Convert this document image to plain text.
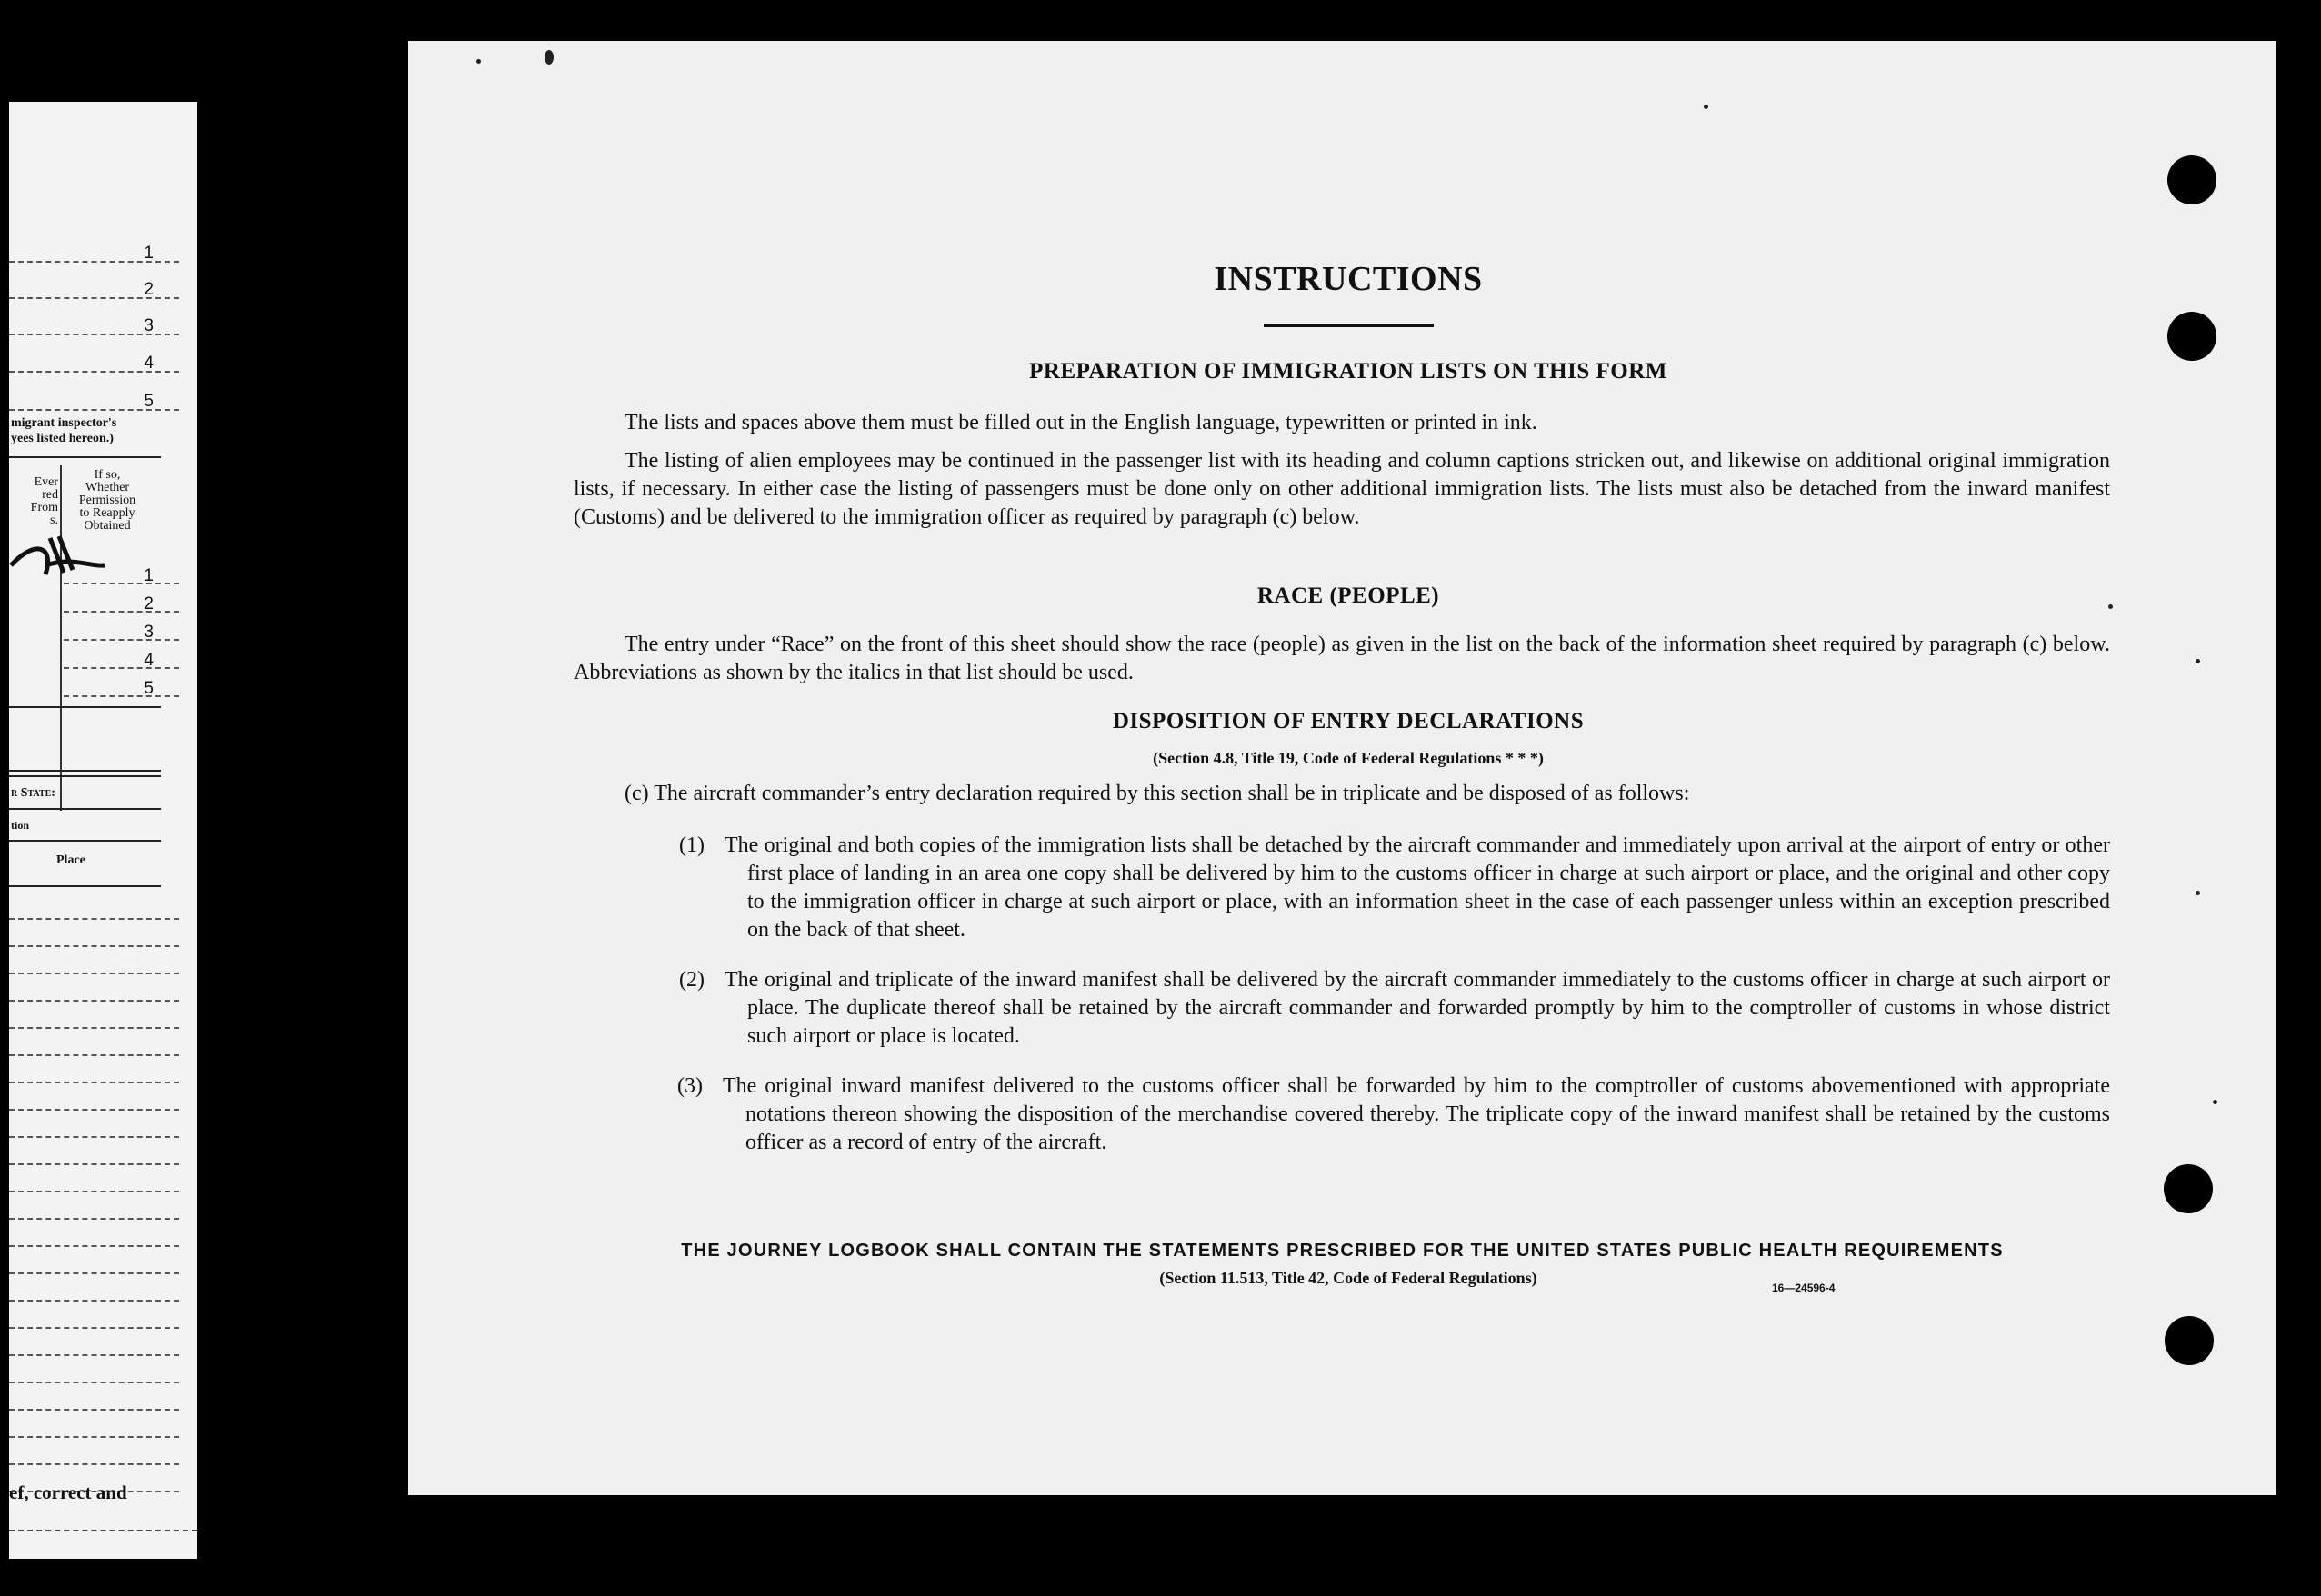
1
2
3
4
5
migrant inspector's
yees listed hereon.)
Ever
red
From
s.
If so,
Whether
Permission
to Reapply
Obtained
1
2
3
4
5
r State:
tion
Place
ef, correct and
INSTRUCTIONS
PREPARATION OF IMMIGRATION LISTS ON THIS FORM
The lists and spaces above them must be filled out in the English language, typewritten or printed in ink.
The listing of alien employees may be continued in the passenger list with its heading and column captions stricken out, and likewise on additional original immigration lists, if necessary. In either case the listing of passengers must be done only on other additional immigration lists. The lists must also be detached from the inward manifest (Customs) and be delivered to the immigration officer as required by paragraph (c) below.
RACE (PEOPLE)
The entry under “Race” on the front of this sheet should show the race (people) as given in the list on the back of the information sheet required by paragraph (c) below. Abbreviations as shown by the italics in that list should be used.
DISPOSITION OF ENTRY DECLARATIONS
(Section 4.8, Title 19, Code of Federal Regulations * * *)
(c) The aircraft commander’s entry declaration required by this section shall be in triplicate and be disposed of as follows:
(1) The original and both copies of the immigration lists shall be detached by the aircraft commander and immediately upon arrival at the airport of entry or other first place of landing in an area one copy shall be delivered by him to the customs officer in charge at such airport or place, and the original and other copy to the immigration officer in charge at such airport or place, with an information sheet in the case of each passenger unless within an exception prescribed on the back of that sheet.
(2) The original and triplicate of the inward manifest shall be delivered by the aircraft commander immediately to the customs officer in charge at such airport or place. The duplicate thereof shall be retained by the aircraft commander and forwarded promptly by him to the comptroller of customs in whose district such airport or place is located.
(3) The original inward manifest delivered to the customs officer shall be forwarded by him to the comptroller of customs abovementioned with appropriate notations thereon showing the disposition of the merchandise covered thereby. The triplicate copy of the inward manifest shall be retained by the customs officer as a record of entry of the aircraft.
THE JOURNEY LOGBOOK SHALL CONTAIN THE STATEMENTS PRESCRIBED FOR THE UNITED STATES PUBLIC HEALTH REQUIREMENTS
(Section 11.513, Title 42, Code of Federal Regulations)
16—24596-4
